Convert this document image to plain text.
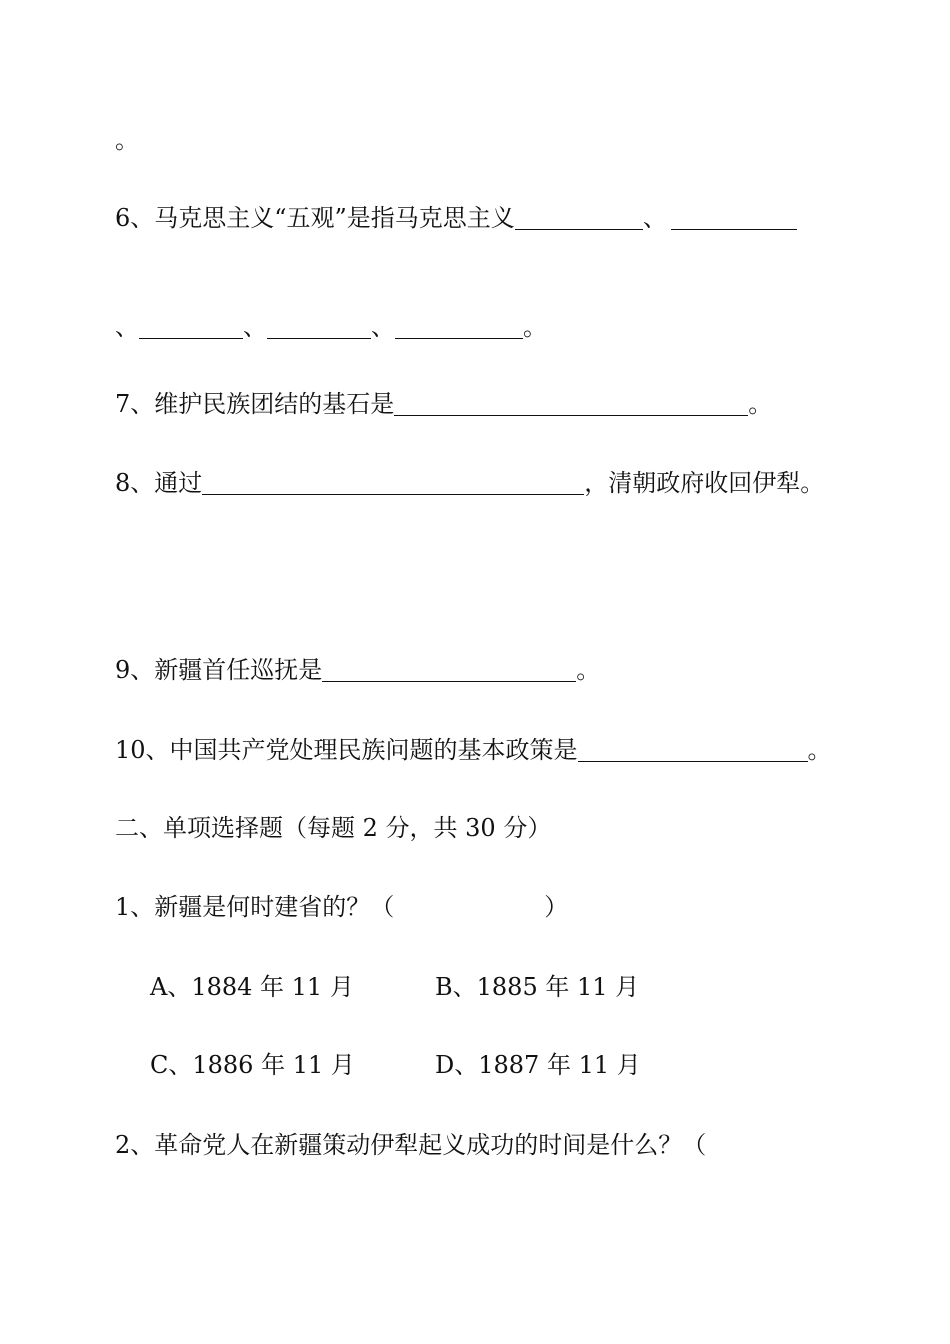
。
6、马克思主义“五观”是指马克思主义	、
、	、	、	。
7、维护民族团结的基石是	。
8、通过	，清朝政府收回伊犁。
9、新疆首任巡抚是	。
10、中国共产党处理民族问题的基本政策是	。
二、单项选择题（每题 2 分，共 30 分）
1、新疆是何时建省的？（	）
A、1884 年 11 月	B、1885 年 11 月
C、1886 年 11 月	D、1887 年 11 月
2、革命党人在新疆策动伊犁起义成功的时间是什么？（
